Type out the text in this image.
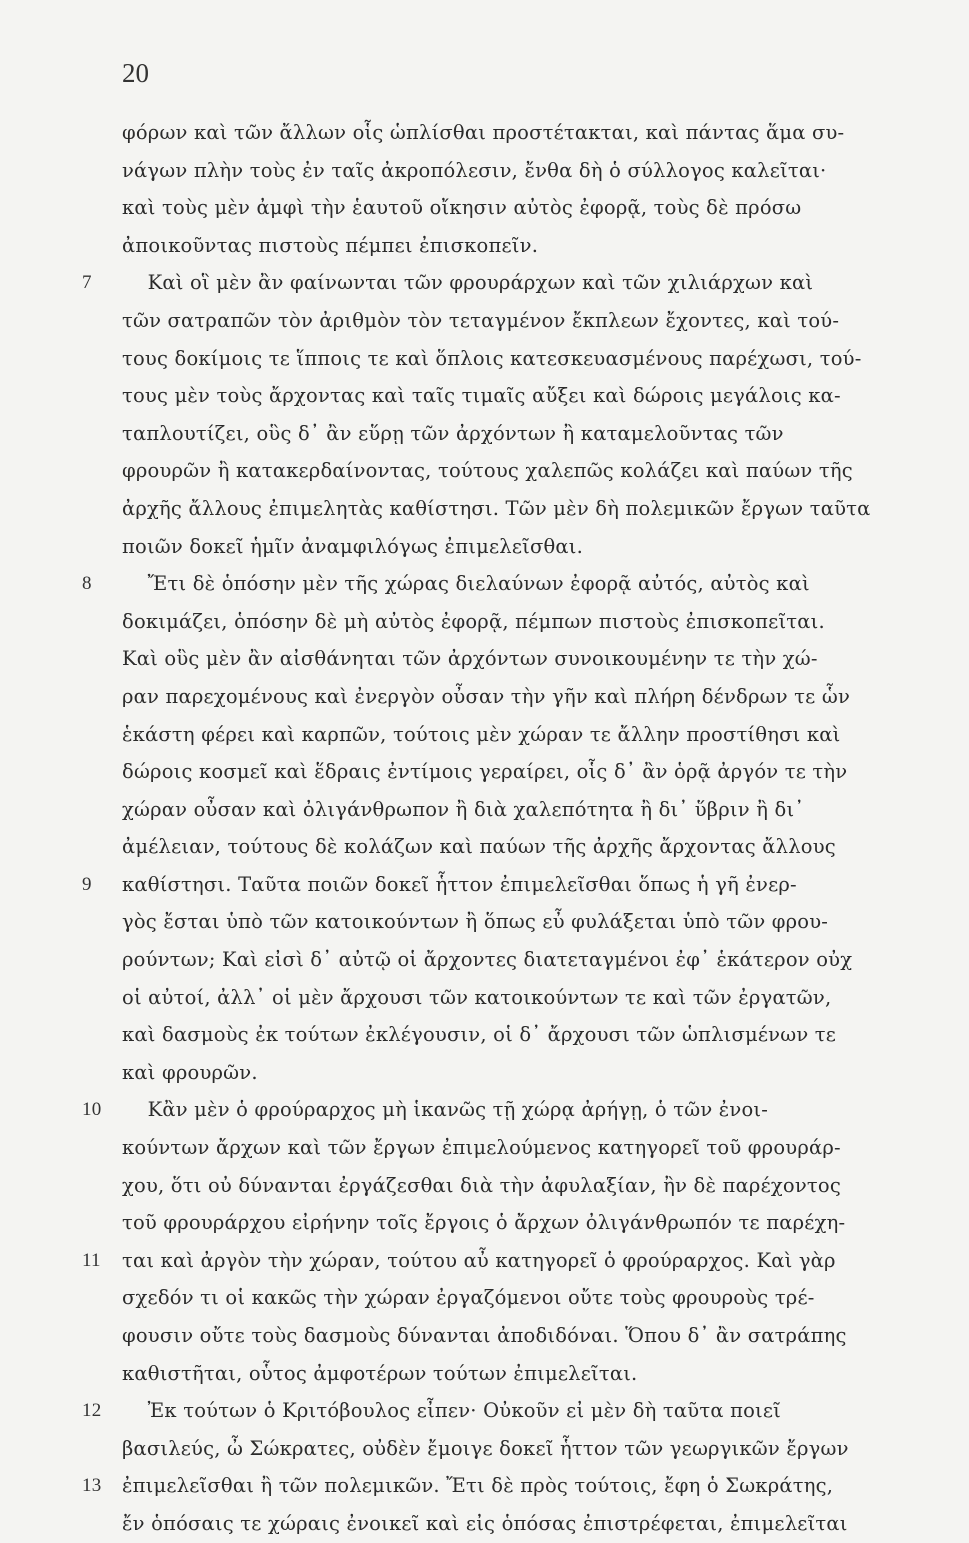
20
φόρων καὶ τῶν ἄλλων οἷς ὡπλίσθαι προστέτακται, καὶ πάντας ἅμα συ-
νάγων πλὴν τοὺς ἐν ταῖς ἀκροπόλεσιν, ἔνθα δὴ ὁ σύλλογος καλεῖται·
καὶ τοὺς μὲν ἀμφὶ τὴν ἑαυτοῦ οἴκησιν αὐτὸς ἐφορᾷ, τοὺς δὲ πρόσω
ἀποικοῦντας πιστοὺς πέμπει ἐπισκοπεῖν.
7	Καὶ οἳ μὲν ἂν φαίνωνται τῶν φρουράρχων καὶ τῶν χιλιάρχων καὶ
τῶν σατραπῶν τὸν ἀριθμὸν τὸν τεταγμένον ἔκπλεων ἔχοντες, καὶ τού-
τους δοκίμοις τε ἵπποις τε καὶ ὅπλοις κατεσκευασμένους παρέχωσι, τού-
τους μὲν τοὺς ἄρχοντας καὶ ταῖς τιμαῖς αὔξει καὶ δώροις μεγάλοις κα-
ταπλουτίζει, οὓς δ᾽ ἂν εὕρῃ τῶν ἀρχόντων ἢ καταμελοῦντας τῶν
φρουρῶν ἢ κατακερδαίνοντας, τούτους χαλεπῶς κολάζει καὶ παύων τῆς
ἀρχῆς ἄλλους ἐπιμελητὰς καθίστησι. Τῶν μὲν δὴ πολεμικῶν ἔργων ταῦτα
ποιῶν δοκεῖ ἡμῖν ἀναμφιλόγως ἐπιμελεῖσθαι.
8	Ἔτι δὲ ὁπόσην μὲν τῆς χώρας διελαύνων ἐφορᾷ αὐτός, αὐτὸς καὶ
δοκιμάζει, ὁπόσην δὲ μὴ αὐτὸς ἐφορᾷ, πέμπων πιστοὺς ἐπισκοπεῖται.
Καὶ οὓς μὲν ἂν αἰσθάνηται τῶν ἀρχόντων συνοικουμένην τε τὴν χώ-
ραν παρεχομένους καὶ ἐνεργὸν οὖσαν τὴν γῆν καὶ πλήρη δένδρων τε ὧν
ἑκάστη φέρει καὶ καρπῶν, τούτοις μὲν χώραν τε ἄλλην προστίθησι καὶ
δώροις κοσμεῖ καὶ ἕδραις ἐντίμοις γεραίρει, οἷς δ᾽ ἂν ὁρᾷ ἀργόν τε τὴν
χώραν οὖσαν καὶ ὀλιγάνθρωπον ἢ διὰ χαλεπότητα ἢ δι᾽ ὕβριν ἢ δι᾽
ἀμέλειαν, τούτους δὲ κολάζων καὶ παύων τῆς ἀρχῆς ἄρχοντας ἄλλους
9	καθίστησι. Ταῦτα ποιῶν δοκεῖ ἧττον ἐπιμελεῖσθαι ὅπως ἡ γῆ ἐνερ-
γὸς ἔσται ὑπὸ τῶν κατοικούντων ἢ ὅπως εὖ φυλάξεται ὑπὸ τῶν φρου-
ρούντων; Καὶ εἰσὶ δ᾽ αὐτῷ οἱ ἄρχοντες διατεταγμένοι ἐφ᾽ ἑκάτερον οὐχ
οἱ αὐτοί, ἀλλ᾽ οἱ μὲν ἄρχουσι τῶν κατοικούντων τε καὶ τῶν ἐργατῶν,
καὶ δασμοὺς ἐκ τούτων ἐκλέγουσιν, οἱ δ᾽ ἄρχουσι τῶν ὡπλισμένων τε
καὶ φρουρῶν.
10	Κἂν μὲν ὁ φρούραρχος μὴ ἱκανῶς τῇ χώρᾳ ἀρήγῃ, ὁ τῶν ἐνοι-
κούντων ἄρχων καὶ τῶν ἔργων ἐπιμελούμενος κατηγορεῖ τοῦ φρουράρ-
χου, ὅτι οὐ δύνανται ἐργάζεσθαι διὰ τὴν ἀφυλαξίαν, ἢν δὲ παρέχοντος
τοῦ φρουράρχου εἰρήνην τοῖς ἔργοις ὁ ἄρχων ὀλιγάνθρωπόν τε παρέχη-
11	ται καὶ ἀργὸν τὴν χώραν, τούτου αὖ κατηγορεῖ ὁ φρούραρχος. Καὶ γὰρ
σχεδόν τι οἱ κακῶς τὴν χώραν ἐργαζόμενοι οὔτε τοὺς φρουροὺς τρέ-
φουσιν οὔτε τοὺς δασμοὺς δύνανται ἀποδιδόναι. Ὅπου δ᾽ ἂν σατράπης
καθιστῆται, οὗτος ἀμφοτέρων τούτων ἐπιμελεῖται.
12	Ἐκ τούτων ὁ Κριτόβουλος εἶπεν· Οὐκοῦν εἰ μὲν δὴ ταῦτα ποιεῖ
βασιλεύς, ὦ Σώκρατες, οὐδὲν ἔμοιγε δοκεῖ ἧττον τῶν γεωργικῶν ἔργων
13	ἐπιμελεῖσθαι ἢ τῶν πολεμικῶν. Ἔτι δὲ πρὸς τούτοις, ἔφη ὁ Σωκράτης,
ἔν ὁπόσαις τε χώραις ἐνοικεῖ καὶ εἰς ὁπόσας ἐπιστρέφεται, ἐπιμελεῖται
